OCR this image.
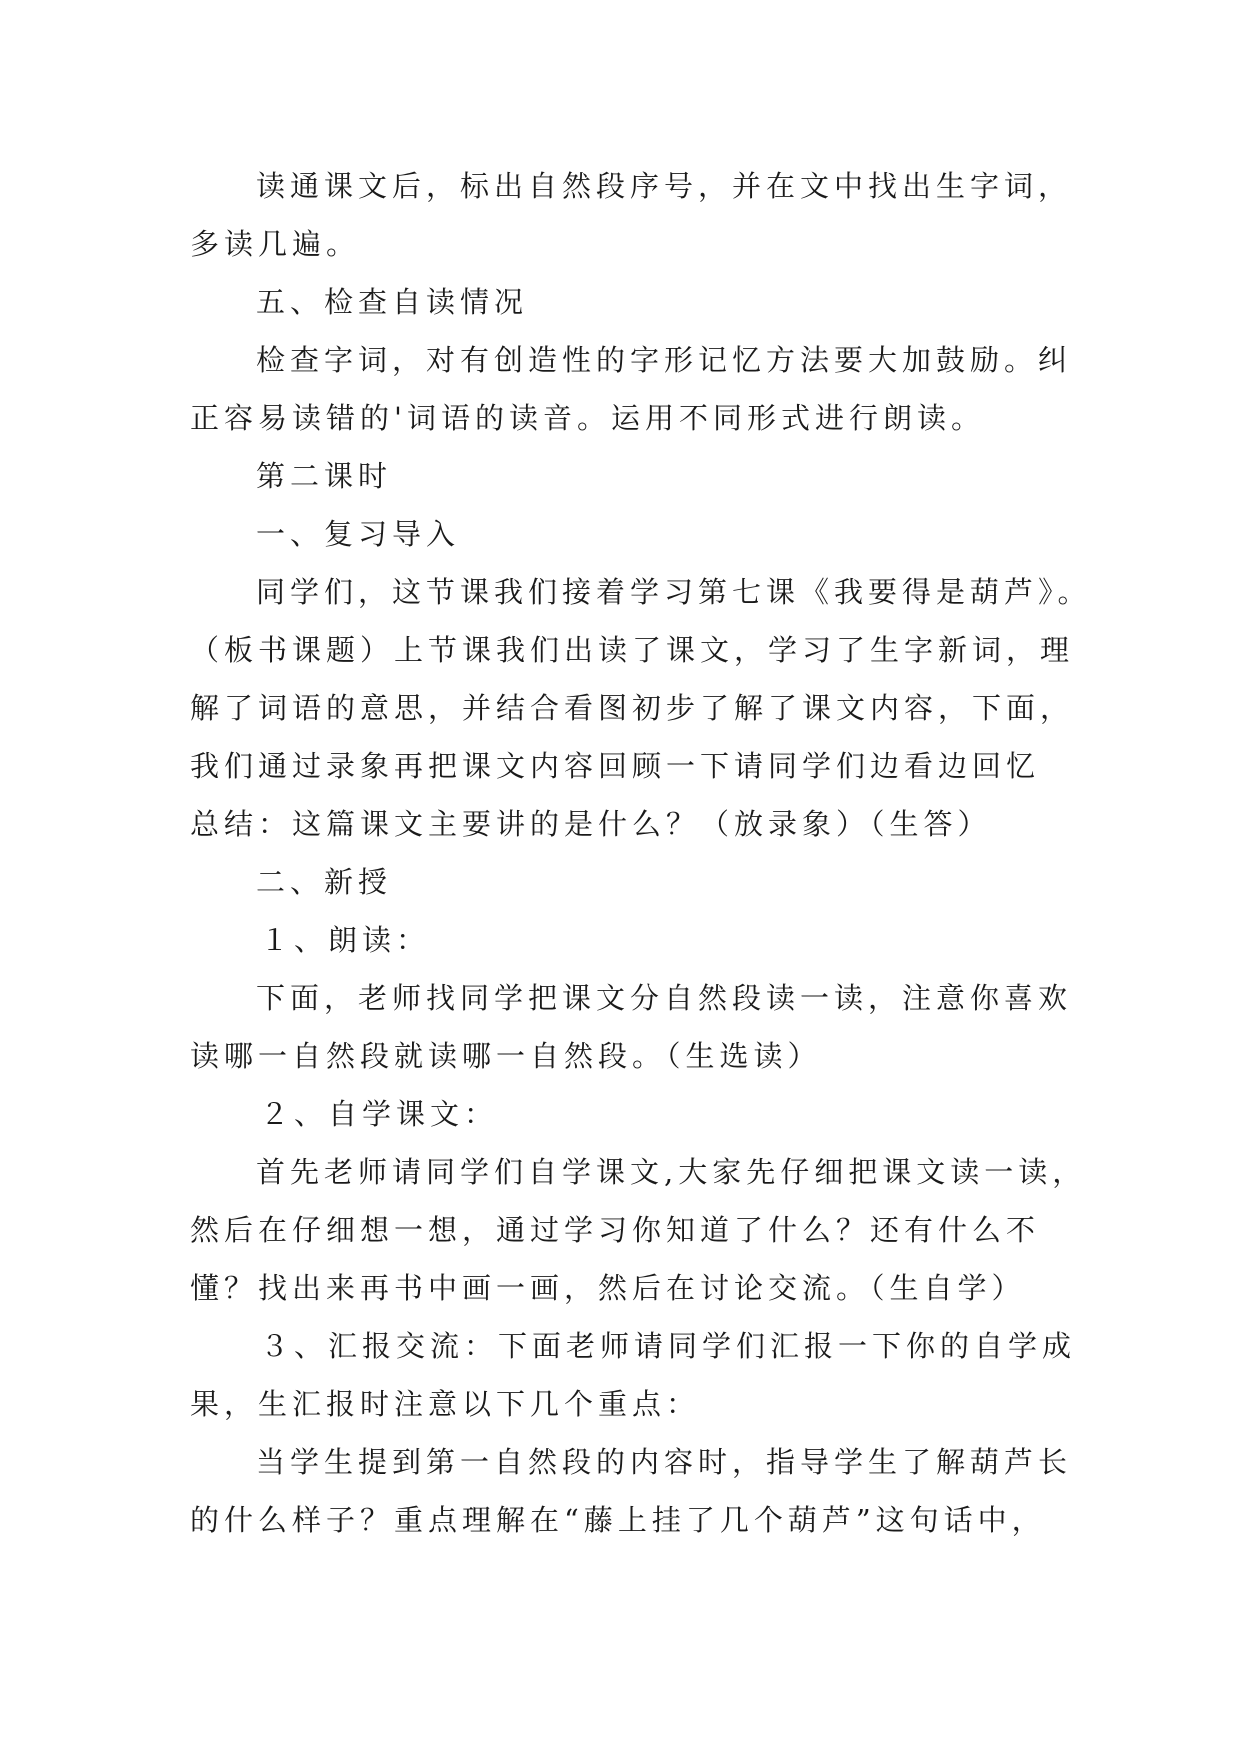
读通课文后，标出自然段序号，并在文中找出生字词，
多读几遍。
五、检查自读情况
检查字词，对有创造性的字形记忆方法要大加鼓励。纠
正容易读错的'词语的读音。运用不同形式进行朗读。
第二课时
一、复习导入
同学们，这节课我们接着学习第七课《我要得是葫芦》。
（板书课题）上节课我们出读了课文，学习了生字新词，理
解了词语的意思，并结合看图初步了解了课文内容，下面，
我们通过录象再把课文内容回顾一下请同学们边看边回忆
总结：这篇课文主要讲的是什么？（放录象）（生答）
二、新授
１、朗读：
下面，老师找同学把课文分自然段读一读，注意你喜欢
读哪一自然段就读哪一自然段。（生选读）
２、自学课文：
首先老师请同学们自学课文,大家先仔细把课文读一读，
然后在仔细想一想，通过学习你知道了什么？还有什么不
懂？找出来再书中画一画，然后在讨论交流。（生自学）
３、汇报交流：下面老师请同学们汇报一下你的自学成
果，生汇报时注意以下几个重点：
当学生提到第一自然段的内容时，指导学生了解葫芦长
的什么样子？重点理解在“藤上挂了几个葫芦”这句话中，
